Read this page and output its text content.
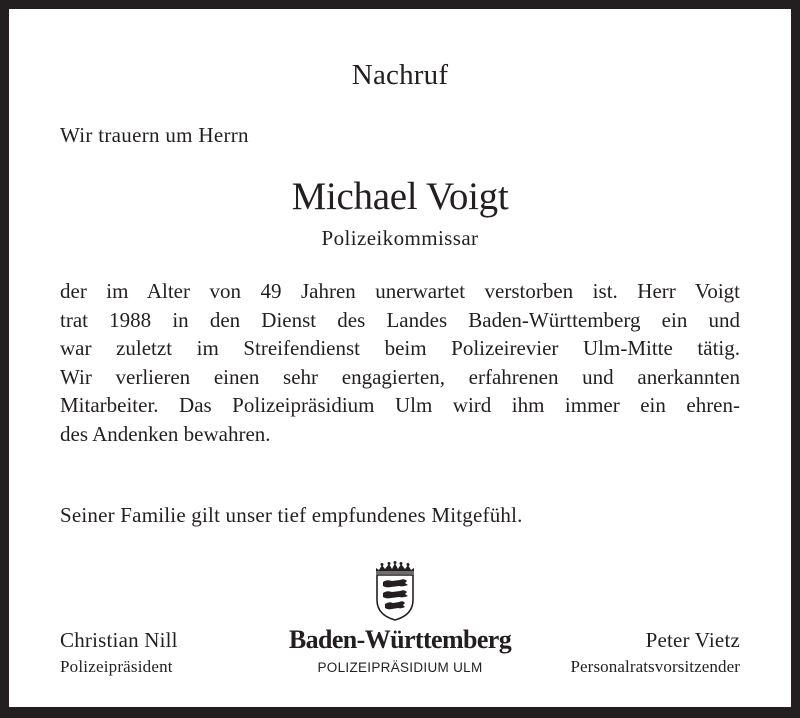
Nachruf
Wir trauern um Herrn
Michael Voigt
Polizeikommissar
der im Alter von 49 Jahren unerwartet verstorben ist. Herr Voigt
trat 1988 in den Dienst des Landes Baden-Württemberg ein und
war zuletzt im Streifendienst beim Polizeirevier Ulm-Mitte tätig.
Wir verlieren einen sehr engagierten, erfahrenen und anerkannten
Mitarbeiter. Das Polizeipräsidium Ulm wird ihm immer ein ehren-
des Andenken bewahren.
Seiner Familie gilt unser tief empfundenes Mitgefühl.
Christian Nill
Polizeipräsident
Baden-Württemberg
POLIZEIPRÄSIDIUM ULM
Peter Vietz
Personalratsvorsitzender
